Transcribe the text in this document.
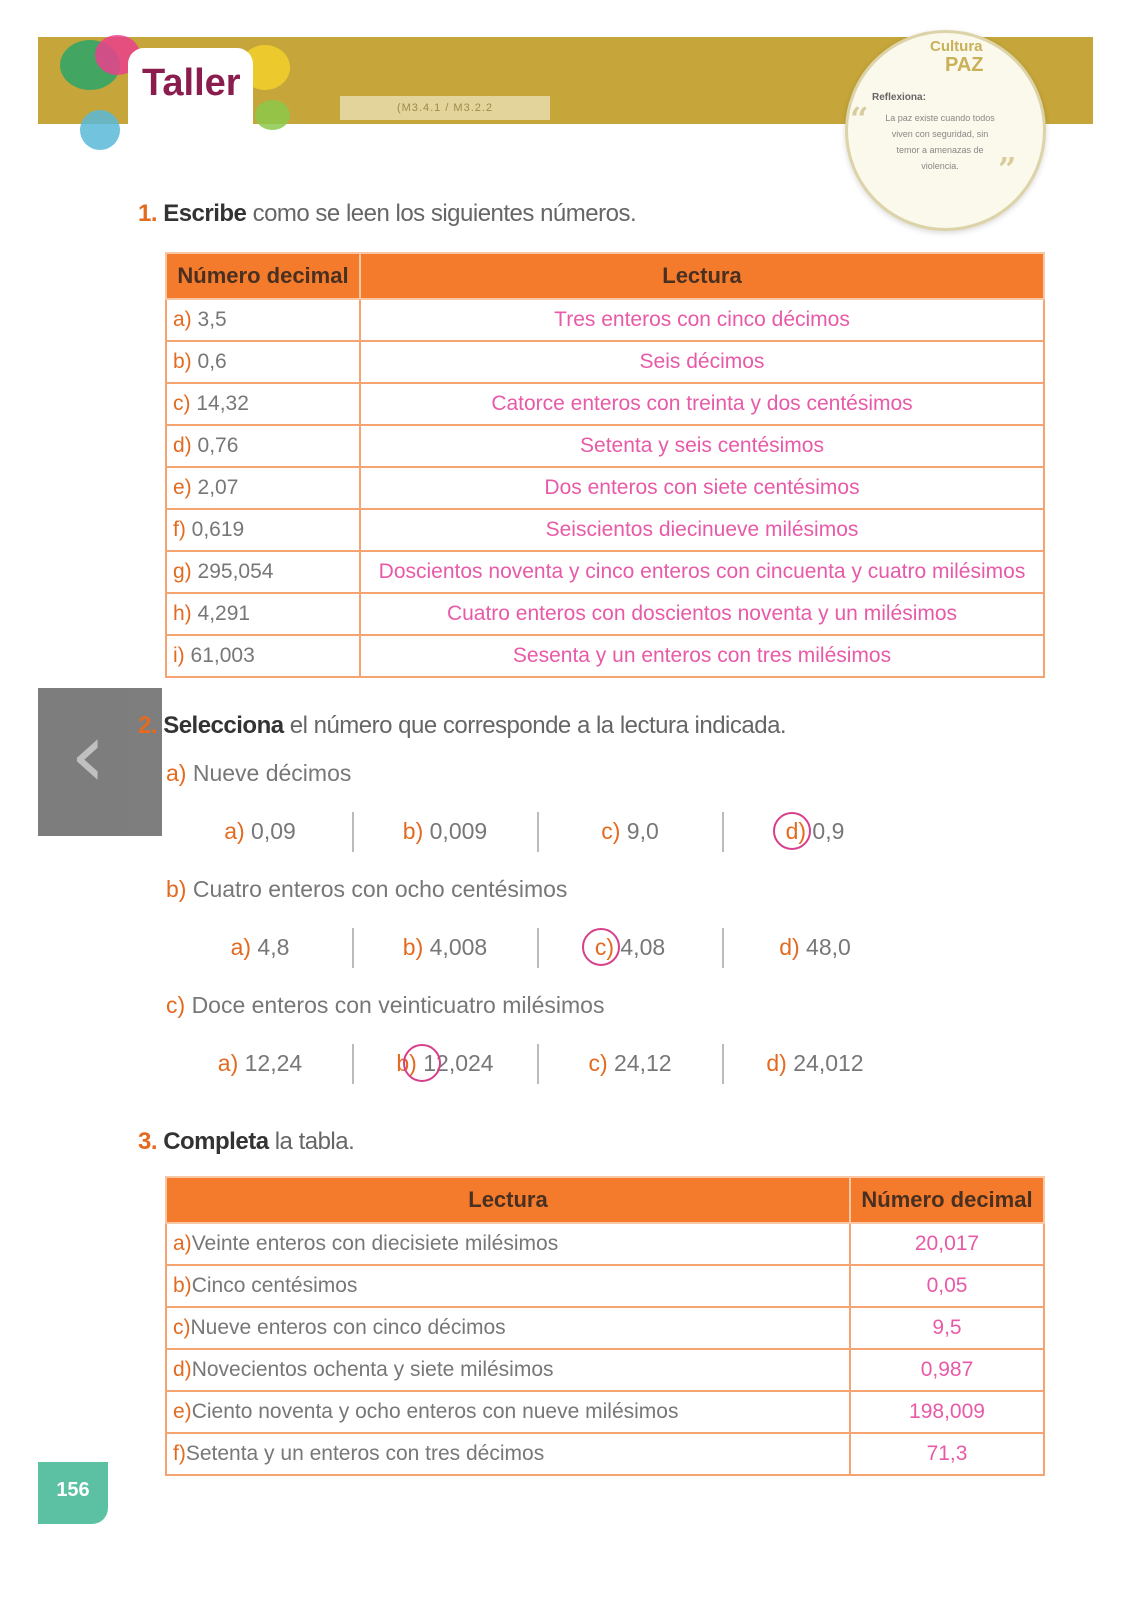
Taller
(M3.4.1 / M3.2.2
Cultura
PAZ
Reflexiona:
La paz existe cuando todos viven con seguridad, sin temor a amenazas de violencia.
“
”
1. Escribe como se leen los siguientes números.
Número decimal	Lectura
a) 3,5	Tres enteros con cinco décimos
b) 0,6	Seis décimos
c) 14,32	Catorce enteros con treinta y dos centésimos
d) 0,76	Setenta y seis centésimos
e) 2,07	Dos enteros con siete centésimos
f) 0,619	Seiscientos diecinueve milésimos
g) 295,054	Doscientos noventa y cinco enteros con cincuenta y cuatro milésimos
h) 4,291	Cuatro enteros con doscientos noventa y un milésimos
i) 61,003	Sesenta y un enteros con tres milésimos
‹ 2. Selecciona el número que corresponde a la lectura indicada.
a) Nueve décimos
a) 0,09	b) 0,009	c) 9,0	d) 0,9
b) Cuatro enteros con ocho centésimos
a) 4,8	b) 4,008	c) 4,08	d) 48,0
c) Doce enteros con veinticuatro milésimos
a) 12,24	b) 12,024	c) 24,12	d) 24,012
3. Completa la tabla.
Lectura	Número decimal
a)Veinte enteros con diecisiete milésimos	20,017
b)Cinco centésimos	0,05
c)Nueve enteros con cinco décimos	9,5
d)Novecientos ochenta y siete milésimos	0,987
e)Ciento noventa y ocho enteros con nueve milésimos	198,009
f)Setenta y un enteros con tres décimos	71,3
156
